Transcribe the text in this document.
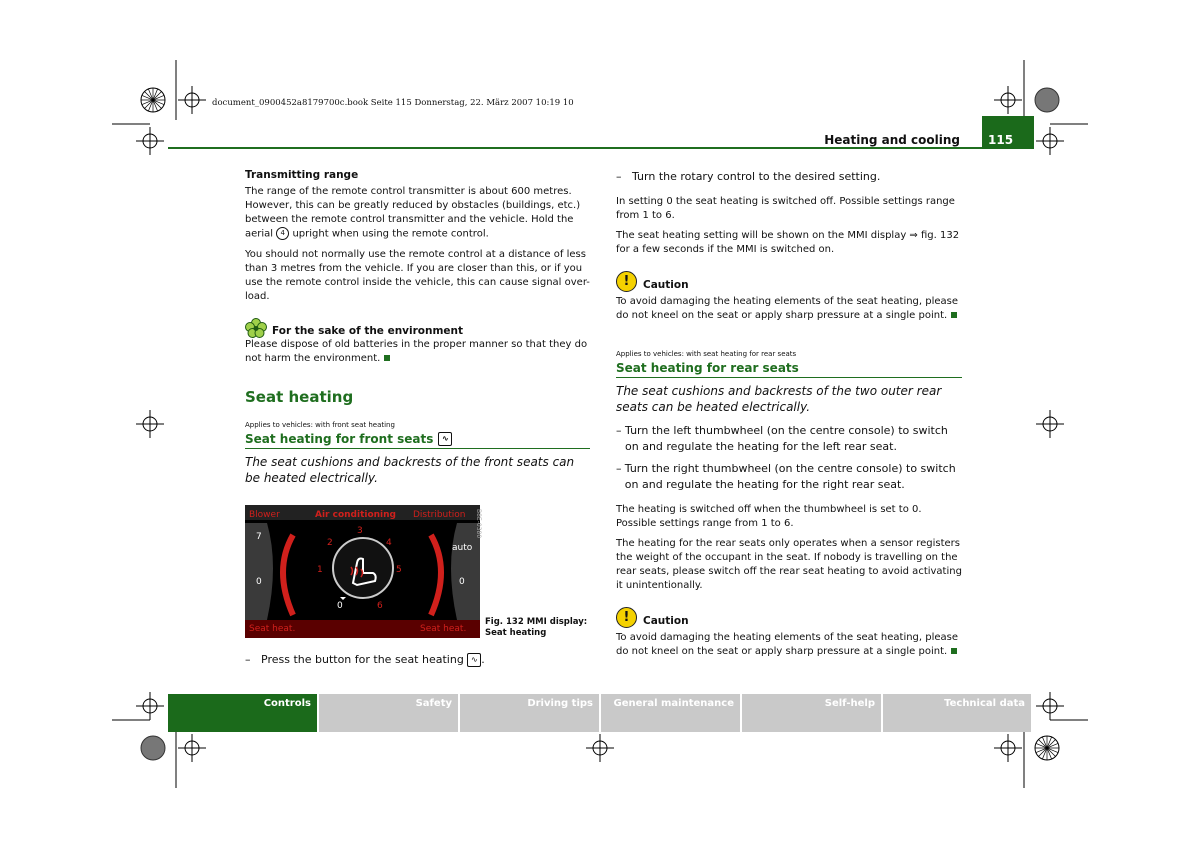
document_0900452a8179700c.book Seite 115 Donnerstag, 22. März 2007 10:19 10
Heating and cooling	115
Transmitting range

The range of the remote control transmitter is about 600 metres. However, this can be greatly reduced by obstacles (buildings, etc.) between the remote control transmitter and the vehicle. Hold the aerial 4 upright when using the remote control.

You should not normally use the remote control at a distance of less than 3 metres from the vehicle. If you are closer than this, or if you use the remote control inside the vehicle, this can cause signal over-load.

For the sake of the environment

Please dispose of old batteries in the proper manner so that they do not harm the environment.

Seat heating
Applies to vehicles: with front seat heating
Seat heating for front seats	∿
The seat cushions and backrests of the front seats can be heated electrically.
Blower	Air conditioning Distribution
7
auto
0	0
Seat heat.	Seat heat.
3
2	4
1	5
0	6
B8E-0380
Fig. 132 MMI display:
Seat heating
– Press the button for the seat heating ∿ .
– Turn the rotary control to the desired setting.

In setting 0 the seat heating is switched off. Possible settings range from 1 to 6.

The seat heating setting will be shown on the MMI display ⇒ fig. 132 for a few seconds if the MMI is switched on.

!	Caution

To avoid damaging the heating elements of the seat heating, please do not kneel on the seat or apply sharp pressure at a single point.

Applies to vehicles: with seat heating for rear seats
Seat heating for rear seats
The seat cushions and backrests of the two outer rear seats can be heated electrically.
– Turn the left thumbwheel (on the centre console) to switch on and regulate the heating for the left rear seat.
– Turn the right thumbwheel (on the centre console) to switch on and regulate the heating for the right rear seat.

The heating is switched off when the thumbwheel is set to 0. Possible settings range from 1 to 6.

The heating for the rear seats only operates when a sensor registers the weight of the occupant in the seat. If nobody is travelling on the rear seats, please switch off the rear seat heating to avoid activating it unintentionally.

!	Caution

To avoid damaging the heating elements of the seat heating, please do not kneel on the seat or apply sharp pressure at a single point.

Controls	Safety	Driving tips	General maintenance	Self-help	Technical data
